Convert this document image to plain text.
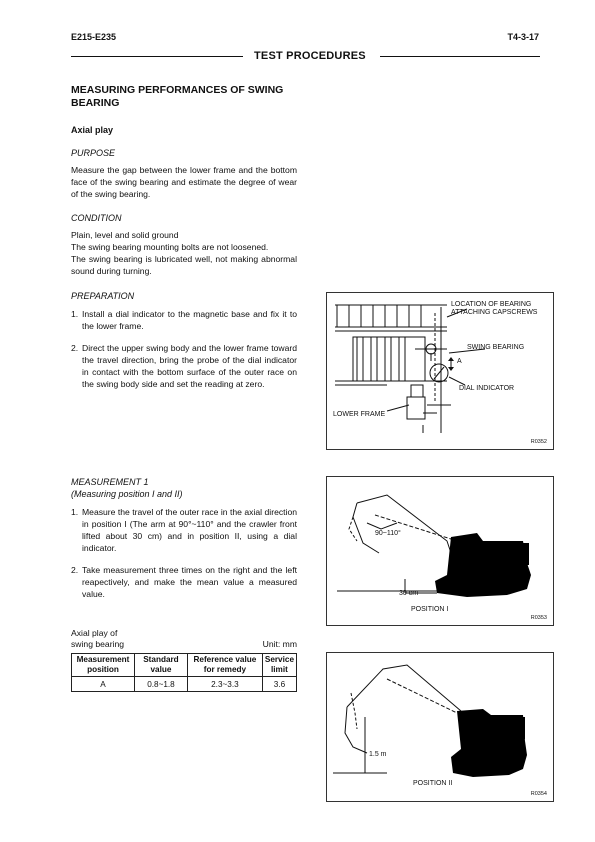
E215-E235	T4-3-17
TEST PROCEDURES
MEASURING PERFORMANCES OF SWING BEARING
Axial play
PURPOSE
Measure the gap between the lower frame and the bottom face of the swing bearing and estimate the degree of wear of the swing bearing.
CONDITION
Plain, level and solid ground
The swing bearing mounting bolts are not loosened.
The swing bearing is lubricated well, not making abnormal sound during turning.
PREPARATION
1. Install a dial indicator to the magnetic base and fix it to the lower frame.
2. Direct the upper swing body and the lower frame toward the travel direction, bring the probe of the dial indicator in contact with the bottom surface of the outer race on the swing body side and set the reading at zero.
MEASUREMENT 1
(Measuring position I and II)
1. Measure the travel of the outer race in the axial direction in position I (The arm at 90°~110° and the crawler front lifted about 30 cm) and in position II, using a dial indicator.
2. Take measurement three times on the right and the left reapectively, and make the mean value a measured value.
Axial play of
swing bearing	Unit: mm
Measurement position	Standard value	Reference value for remedy	Service limit
A	0.8~1.8	2.3~3.3	3.6
LOCATION OF BEARING
ATTACHING CAPSCREWS
SWING BEARING
A
DIAL INDICATOR
LOWER FRAME
R0352
90~110°
30 cm
POSITION I
R0353
1.5 m
POSITION II
R0354
